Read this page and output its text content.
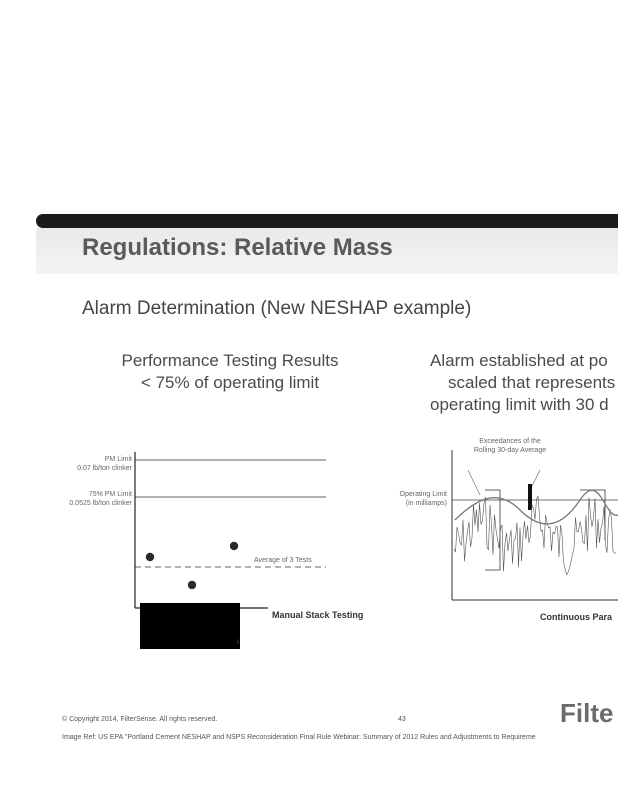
Regulations: Relative Mass
Alarm Determination (New NESHAP example)
Performance Testing Results
< 75% of operating limit
Alarm established at po
scaled that represents
operating limit with 30 d
PM Limit
0.07 lb/ton clinker
75% PM Limit
0.0525 lb/ton clinker
Average of 3 Tests
Manual Stack Testing
3
Exceedances of the
Rolling 30-day Average
Operating Limit
(in milliamps)
Continuous Para
© Copyright 2014, FilterSense. All rights reserved.	43
Image Ref: US EPA "Portland Cement NESHAP and NSPS Reconsideration Final Rule Webinar: Summary of 2012 Rules and Adjustments to Requireme
Filte
